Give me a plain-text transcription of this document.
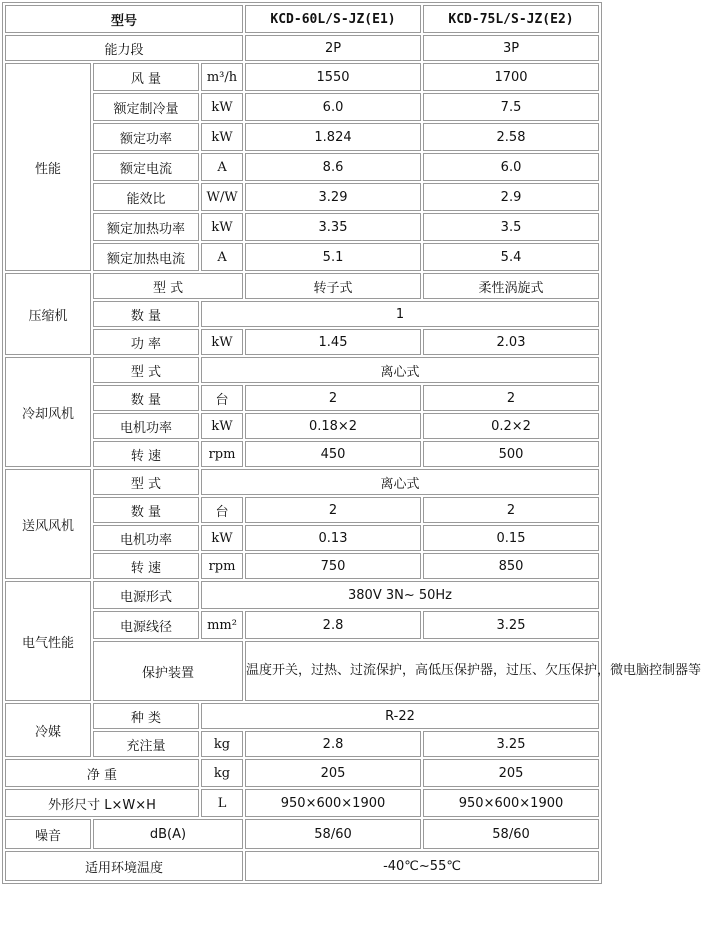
型号			KCD-60L/S-JZ(E1)	KCD-75L/S-JZ(E2)
能力段			2P	3P
性能	风 量	m³/h	1550	1700
	额定制冷量	kW	6.0	7.5
	额定功率	kW	1.824	2.58
	额定电流	A	8.6	6.0
	能效比	W/W	3.29	2.9
	额定加热功率	kW	3.35	3.5
	额定加热电流	A	5.1	5.4
压缩机	型 式		转子式	柔性涡旋式
	数 量	1		
	功 率	kW	1.45	2.03
冷却风机	型 式	离心式		
	数 量	台	2	2
	电机功率	kW	0.18×2	0.2×2
	转 速	rpm	450	500
送风风机	型 式	离心式		
	数 量	台	2	2
	电机功率	kW	0.13	0.15
	转 速	rpm	750	850
电气性能	电源形式	380V 3N~ 50Hz		
	电源线径	mm²	2.8	3.25
	保护装置		温度开关，过热、过流保护，高低压保护器，过压、欠压保护，微电脑控制器等	
冷媒	种 类	R-22		
	充注量	kg	2.8	3.25
净 重		kg	205	205
外形尺寸 L×W×H		L	950×600×1900	950×600×1900
噪音	dB(A)		58/60	58/60
适用环境温度			-40℃~55℃	
